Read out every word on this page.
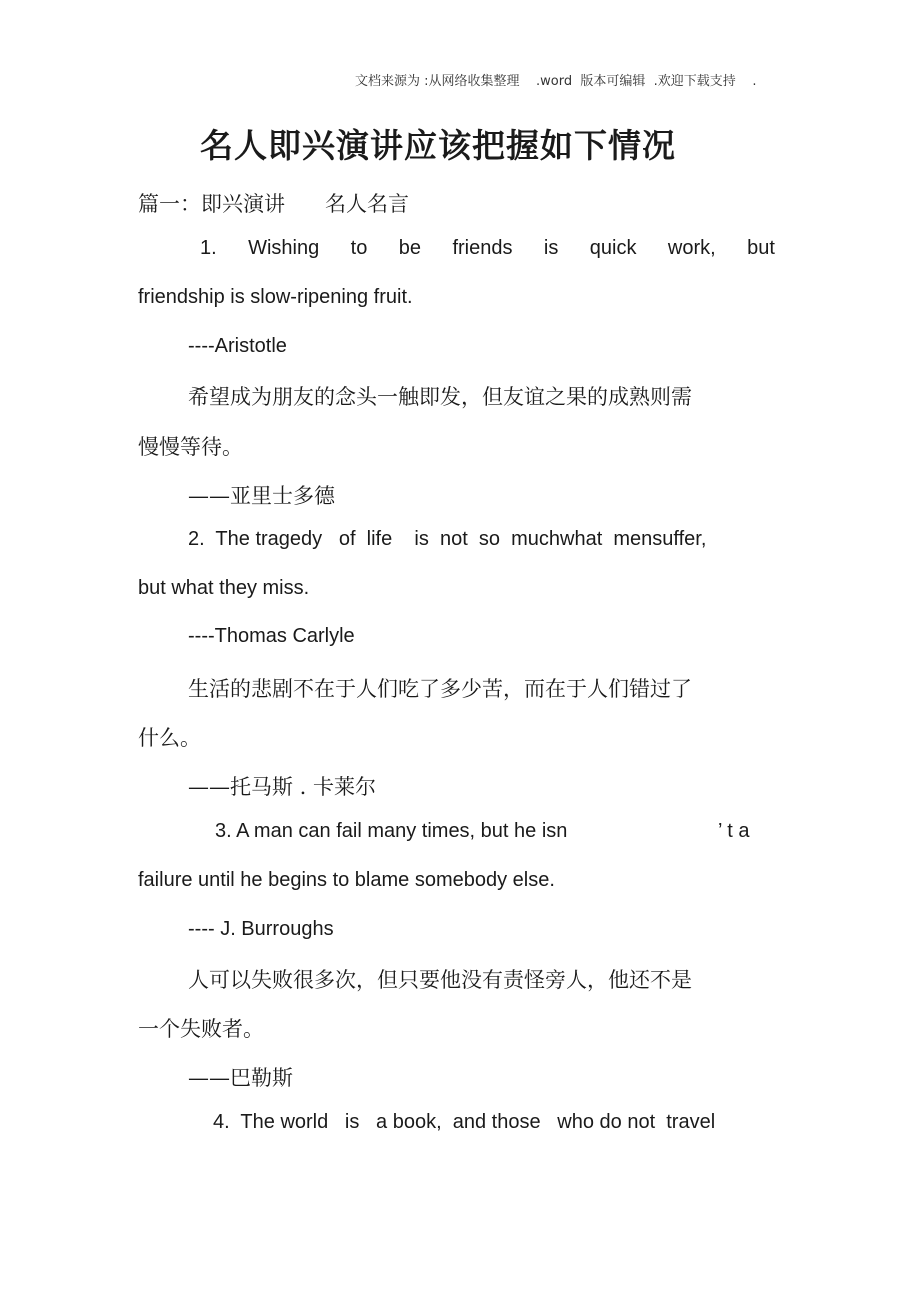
文档来源为 :从网络收集整理    .word  版本可编辑  .欢迎下载支持    .
名人即兴演讲应该把握如下情况
篇一：即兴演讲      名人名言
1. Wishing to be friends is quick work, but
friendship is slow-ripening fruit.
----Aristotle
希望成为朋友的念头一触即发，但友谊之果的成熟则需
慢慢等待。
——亚里士多德
2.  The tragedy   of  life    is  not  so  muchwhat  mensuffer,
but what they miss.
----Thomas Carlyle
生活的悲剧不在于人们吃了多少苦，而在于人们错过了
什么。
——托马斯 . 卡莱尔
3. A man can fail many times, but he isn	’ t a
failure until he begins to blame somebody else.
---- J. Burroughs
人可以失败很多次，但只要他没有责怪旁人，他还不是
一个失败者。
——巴勒斯
4.  The world   is   a book,  and those   who do not  travel
